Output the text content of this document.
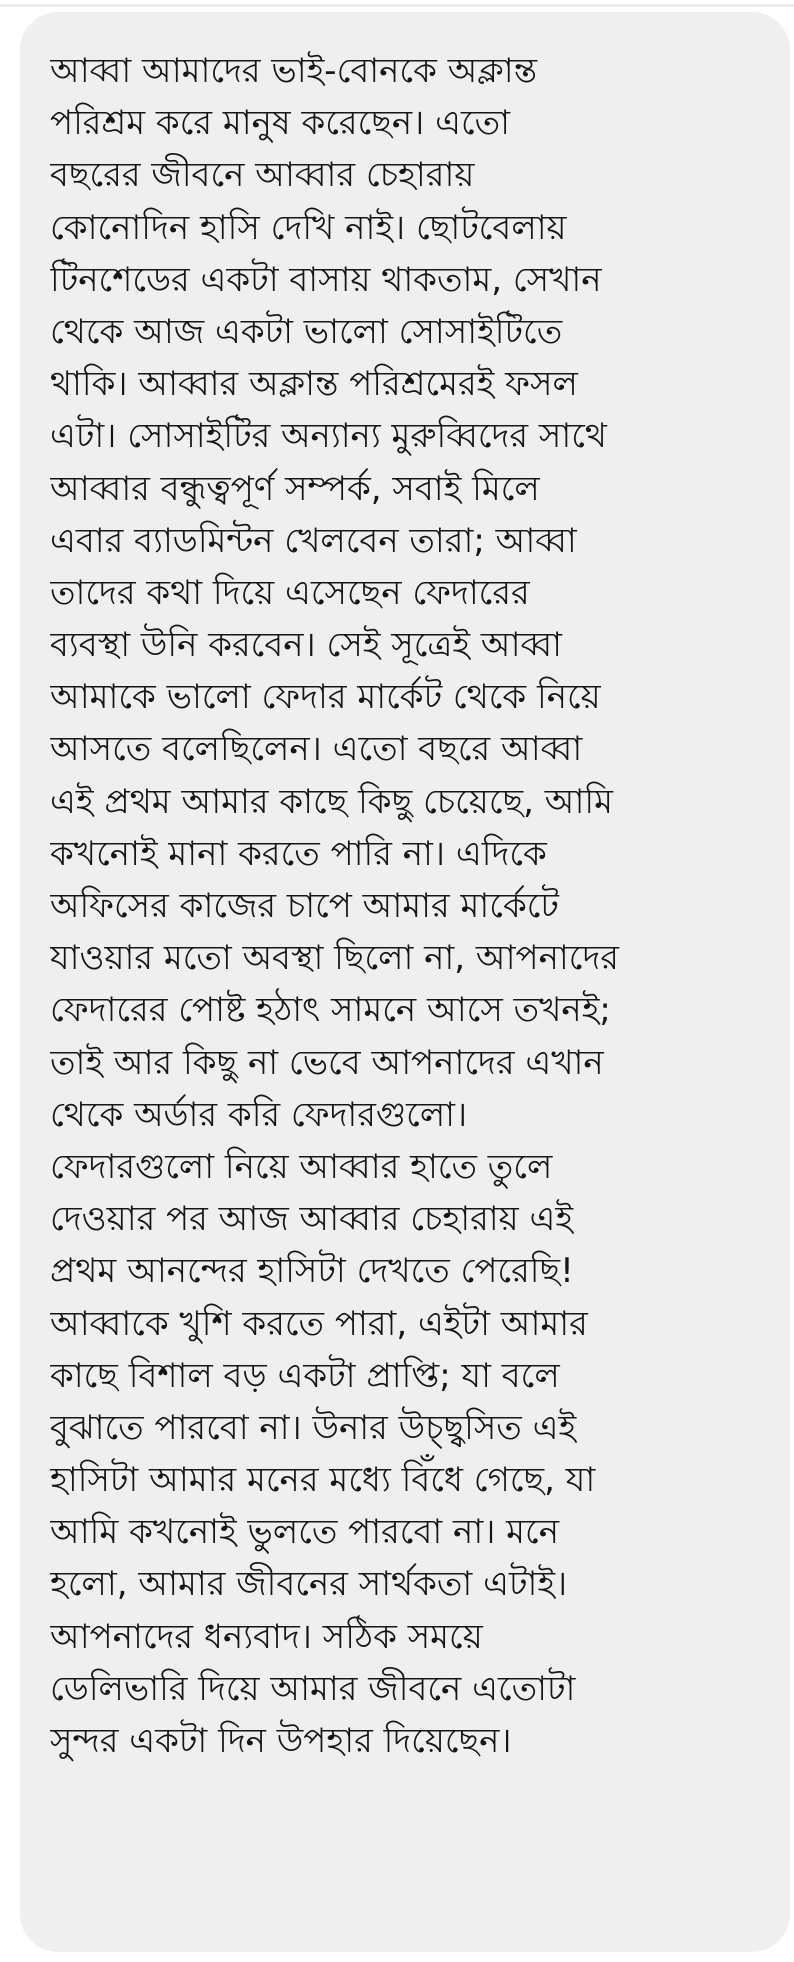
আব্বা আমাদের ভাই-বোনকে অক্লান্ত
পরিশ্রম করে মানুষ করেছেন। এতো
বছরের জীবনে আব্বার চেহারায়
কোনোদিন হাসি দেখি নাই। ছোটবেলায়
টিনশেডের একটা বাসায় থাকতাম, সেখান
থেকে আজ একটা ভালো সোসাইটিতে
থাকি। আব্বার অক্লান্ত পরিশ্রমেরই ফসল
এটা। সোসাইটির অন্যান্য মুরুব্বিদের সাথে
আব্বার বন্ধুত্বপূর্ণ সম্পর্ক, সবাই মিলে
এবার ব্যাডমিন্টন খেলবেন তারা; আব্বা
তাদের কথা দিয়ে এসেছেন ফেদারের
ব্যবস্থা উনি করবেন। সেই সূত্রেই আব্বা
আমাকে ভালো ফেদার মার্কেট থেকে নিয়ে
আসতে বলেছিলেন। এতো বছরে আব্বা
এই প্রথম আমার কাছে কিছু চেয়েছে, আমি
কখনোই মানা করতে পারি না। এদিকে
অফিসের কাজের চাপে আমার মার্কেটে
যাওয়ার মতো অবস্থা ছিলো না, আপনাদের
ফেদারের পোষ্ট হঠাৎ সামনে আসে তখনই;
তাই আর কিছু না ভেবে আপনাদের এখান
থেকে অর্ডার করি ফেদারগুলো।
ফেদারগুলো নিয়ে আব্বার হাতে তুলে
দেওয়ার পর আজ আব্বার চেহারায় এই
প্রথম আনন্দের হাসিটা দেখতে পেরেছি!
আব্বাকে খুশি করতে পারা, এইটা আমার
কাছে বিশাল বড় একটা প্রাপ্তি; যা বলে
বুঝাতে পারবো না। উনার উচ্ছ্বসিত এই
হাসিটা আমার মনের মধ্যে বিঁধে গেছে, যা
আমি কখনোই ভুলতে পারবো না। মনে
হলো, আমার জীবনের সার্থকতা এটাই।
আপনাদের ধন্যবাদ। সঠিক সময়ে
ডেলিভারি দিয়ে আমার জীবনে এতোটা
সুন্দর একটা দিন উপহার দিয়েছেন।
